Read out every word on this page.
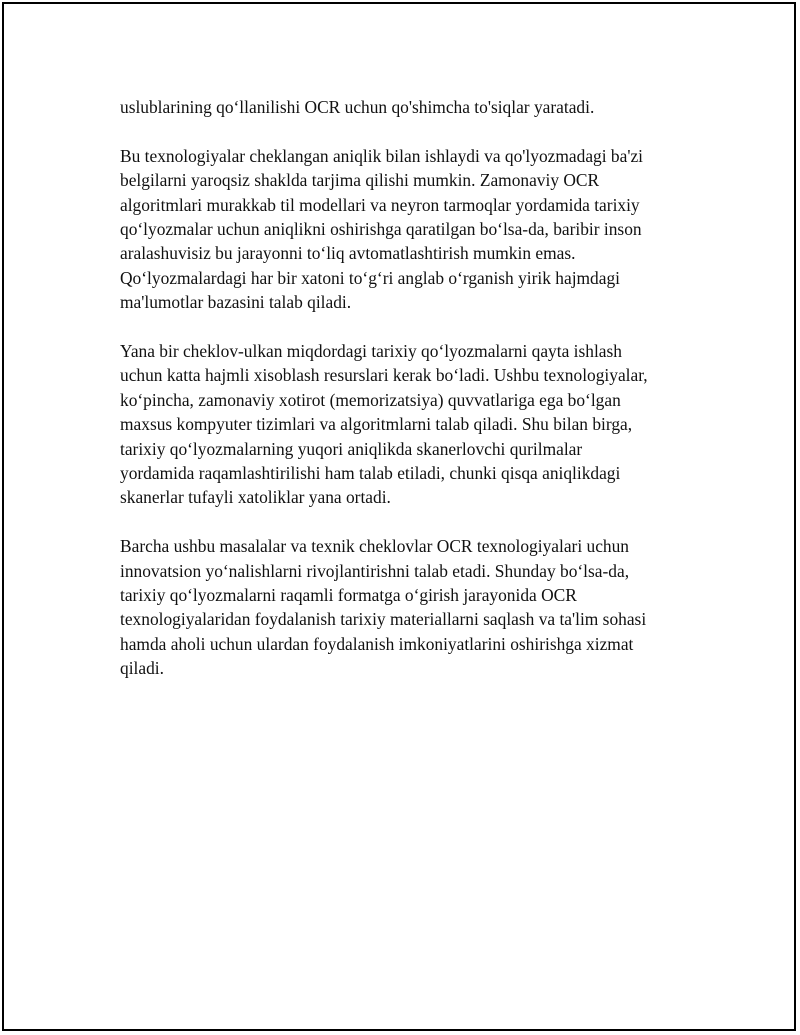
uslublarining qo‘llanilishi OCR uchun qo'shimcha to'siqlar yaratadi.

Bu texnologiyalar cheklangan aniqlik bilan ishlaydi va qo'lyozmadagi ba'zi
belgilarni yaroqsiz shaklda tarjima qilishi mumkin. Zamonaviy OCR
algoritmlari murakkab til modellari va neyron tarmoqlar yordamida tarixiy
qo‘lyozmalar uchun aniqlikni oshirishga qaratilgan bo‘lsa-da, baribir inson
aralashuvisiz bu jarayonni to‘liq avtomatlashtirish mumkin emas.
Qo‘lyozmalardagi har bir xatoni to‘g‘ri anglab o‘rganish yirik hajmdagi
ma'lumotlar bazasini talab qiladi.

Yana bir cheklov-ulkan miqdordagi tarixiy qo‘lyozmalarni qayta ishlash
uchun katta hajmli xisoblash resurslari kerak bo‘ladi. Ushbu texnologiyalar,
ko‘pincha, zamonaviy xotirot (memorizatsiya) quvvatlariga ega bo‘lgan
maxsus kompyuter tizimlari va algoritmlarni talab qiladi. Shu bilan birga,
tarixiy qo‘lyozmalarning yuqori aniqlikda skanerlovchi qurilmalar
yordamida raqamlashtirilishi ham talab etiladi, chunki qisqa aniqlikdagi
skanerlar tufayli xatoliklar yana ortadi.

Barcha ushbu masalalar va texnik cheklovlar OCR texnologiyalari uchun
innovatsion yo‘nalishlarni rivojlantirishni talab etadi. Shunday bo‘lsa-da,
tarixiy qo‘lyozmalarni raqamli formatga o‘girish jarayonida OCR
texnologiyalaridan foydalanish tarixiy materiallarni saqlash va ta'lim sohasi
hamda aholi uchun ulardan foydalanish imkoniyatlarini oshirishga xizmat
qiladi.
